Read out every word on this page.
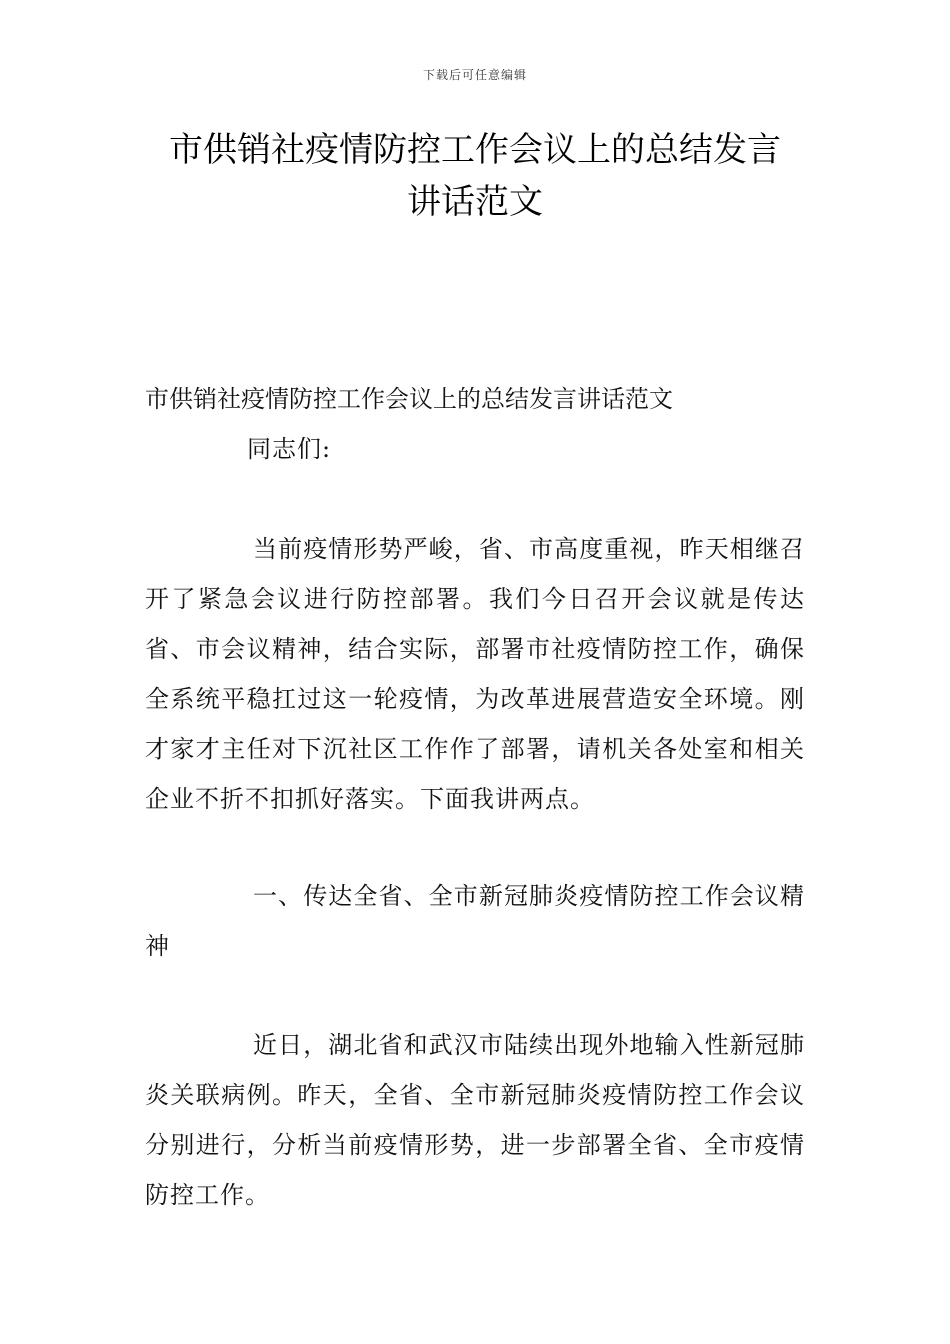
下载后可任意编辑
市供销社疫情防控工作会议上的总结发言
讲话范文

市供销社疫情防控工作会议上的总结发言讲话范文

同志们:

当前疫情形势严峻，省、市高度重视，昨天相继召开了紧急会议进行防控部署。我们今日召开会议就是传达省、市会议精神，结合实际，部署市社疫情防控工作，确保全系统平稳扛过这一轮疫情，为改革进展营造安全环境。刚才家才主任对下沉社区工作作了部署，请机关各处室和相关企业不折不扣抓好落实。下面我讲两点。

一、传达全省、全市新冠肺炎疫情防控工作会议精神

近日，湖北省和武汉市陆续出现外地输入性新冠肺炎关联病例。昨天，全省、全市新冠肺炎疫情防控工作会议分别进行，分析当前疫情形势，进一步部署全省、全市疫情防控工作。
